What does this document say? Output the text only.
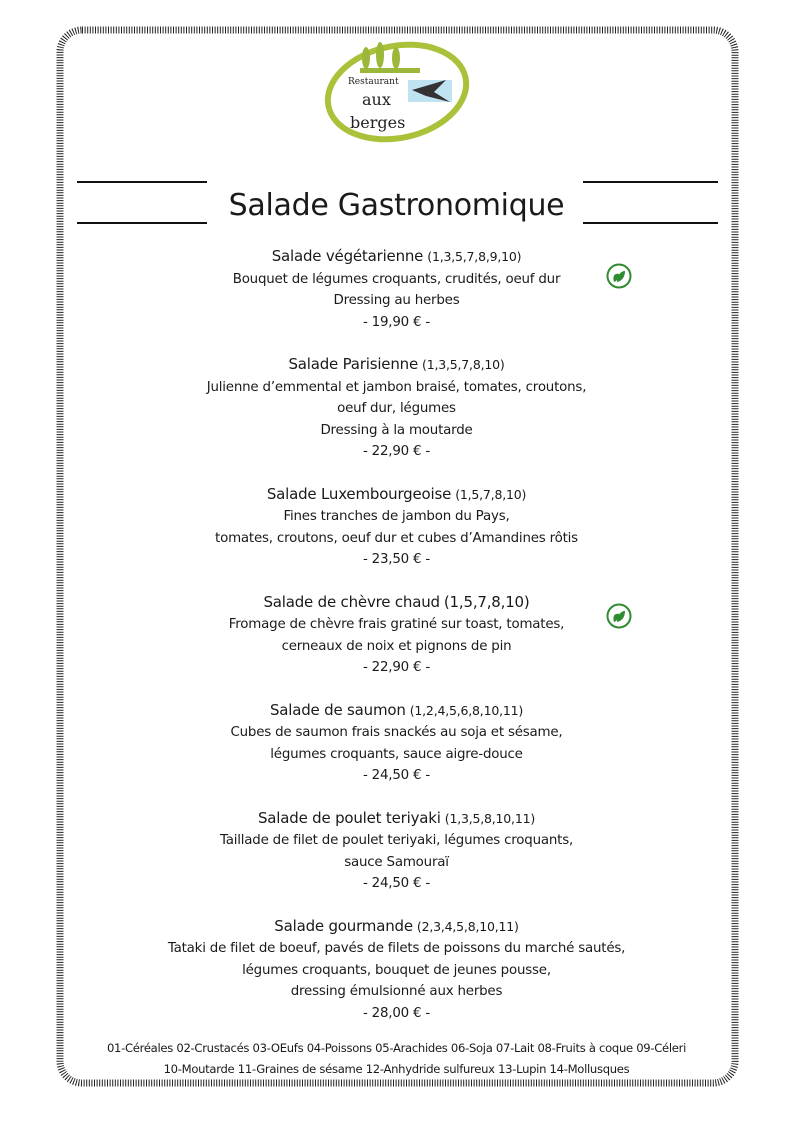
Restaurant
aux
berges
Salade Gastronomique
Salade végétarienne (1,3,5,7,8,9,10)
Bouquet de légumes croquants, crudités, oeuf dur
Dressing au herbes
- 19,90 € -
Salade Parisienne (1,3,5,7,8,10)
Julienne d’emmental et jambon braisé, tomates, croutons,
oeuf dur, légumes
Dressing à la moutarde
- 22,90 € -
Salade Luxembourgeoise (1,5,7,8,10)
Fines tranches de jambon du Pays,
tomates, croutons, oeuf dur et cubes d’Amandines rôtis
- 23,50 € -
Salade de chèvre chaud (1,5,7,8,10)
Fromage de chèvre frais gratiné sur toast, tomates,
cerneaux de noix et pignons de pin
- 22,90 € -
Salade de saumon (1,2,4,5,6,8,10,11)
Cubes de saumon frais snackés au soja et sésame,
légumes croquants, sauce aigre-douce
- 24,50 € -
Salade de poulet teriyaki (1,3,5,8,10,11)
Taillade de filet de poulet teriyaki, légumes croquants,
sauce Samouraï
- 24,50 € -
Salade gourmande (2,3,4,5,8,10,11)
Tataki de filet de boeuf, pavés de filets de poissons du marché sautés,
légumes croquants, bouquet de jeunes pousse,
dressing émulsionné aux herbes
- 28,00 € -
01-Céréales 02-Crustacés 03-OEufs 04-Poissons 05-Arachides 06-Soja 07-Lait 08-Fruits à coque 09-Céleri
10-Moutarde 11-Graines de sésame 12-Anhydride sulfureux 13-Lupin 14-Mollusques
